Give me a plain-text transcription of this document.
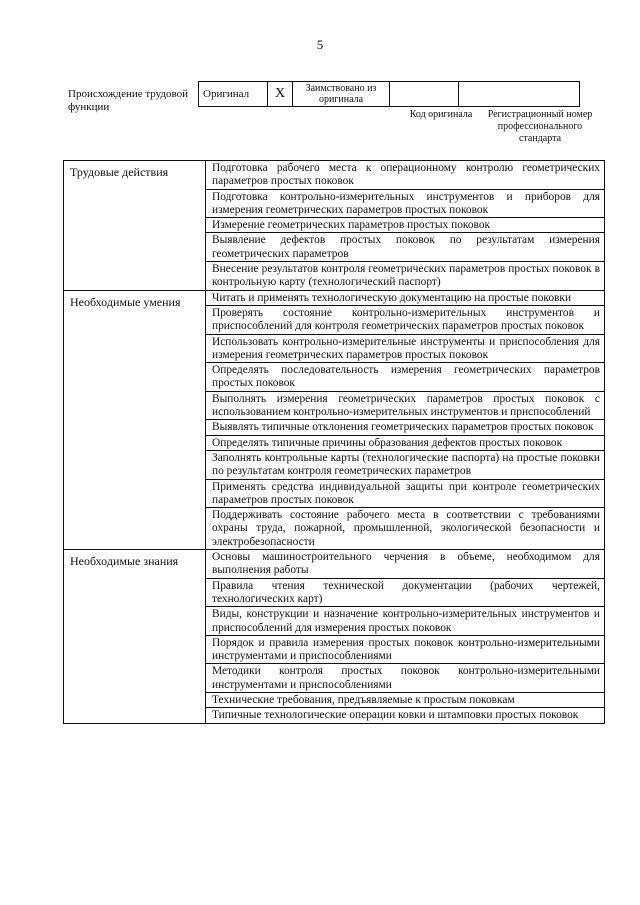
5
Происхождение трудовой функции
Оригинал	X	Заимствовано из оригинала		
Код оригинала	Регистрационный номер профессионального стандарта
Трудовые действия	Подготовка рабочего места к операционному контролю геометрических параметров простых поковок
	Подготовка контрольно-измерительных инструментов и приборов для измерения геометрических параметров простых поковок
	Измерение геометрических параметров простых поковок
	Выявление дефектов простых поковок по результатам измерения геометрических параметров
	Внесение результатов контроля геометрических параметров простых поковок в контрольную карту (технологический паспорт)
Необходимые умения	Читать и применять технологическую документацию на простые поковки
	Проверять состояние контрольно-измерительных инструментов и приспособлений для контроля геометрических параметров простых поковок
	Использовать контрольно-измерительные инструменты и приспособления для измерения геометрических параметров простых поковок
	Определять последовательность измерения геометрических параметров простых поковок
	Выполнять измерения геометрических параметров простых поковок с использованием контрольно-измерительных инструментов и приспособлений
	Выявлять типичные отклонения геометрических параметров простых поковок
	Определять типичные причины образования дефектов простых поковок
	Заполнять контрольные карты (технологические паспорта) на простые поковки по результатам контроля геометрических параметров
	Применять средства индивидуальной защиты при контроле геометрических параметров простых поковок
	Поддерживать состояние рабочего места в соответствии с требованиями охраны труда, пожарной, промышленной, экологической безопасности и электробезопасности
Необходимые знания	Основы машиностроительного черчения в объеме, необходимом для выполнения работы
	Правила чтения технической документации (рабочих чертежей, технологических карт)
	Виды, конструкции и назначение контрольно-измерительных инструментов и приспособлений для измерения простых поковок
	Порядок и правила измерения простых поковок контрольно-измерительными инструментами и приспособлениями
	Методики контроля простых поковок контрольно-измерительными инструментами и приспособлениями
	Технические требования, предъявляемые к простым поковкам
	Типичные технологические операции ковки и штамповки простых поковок
